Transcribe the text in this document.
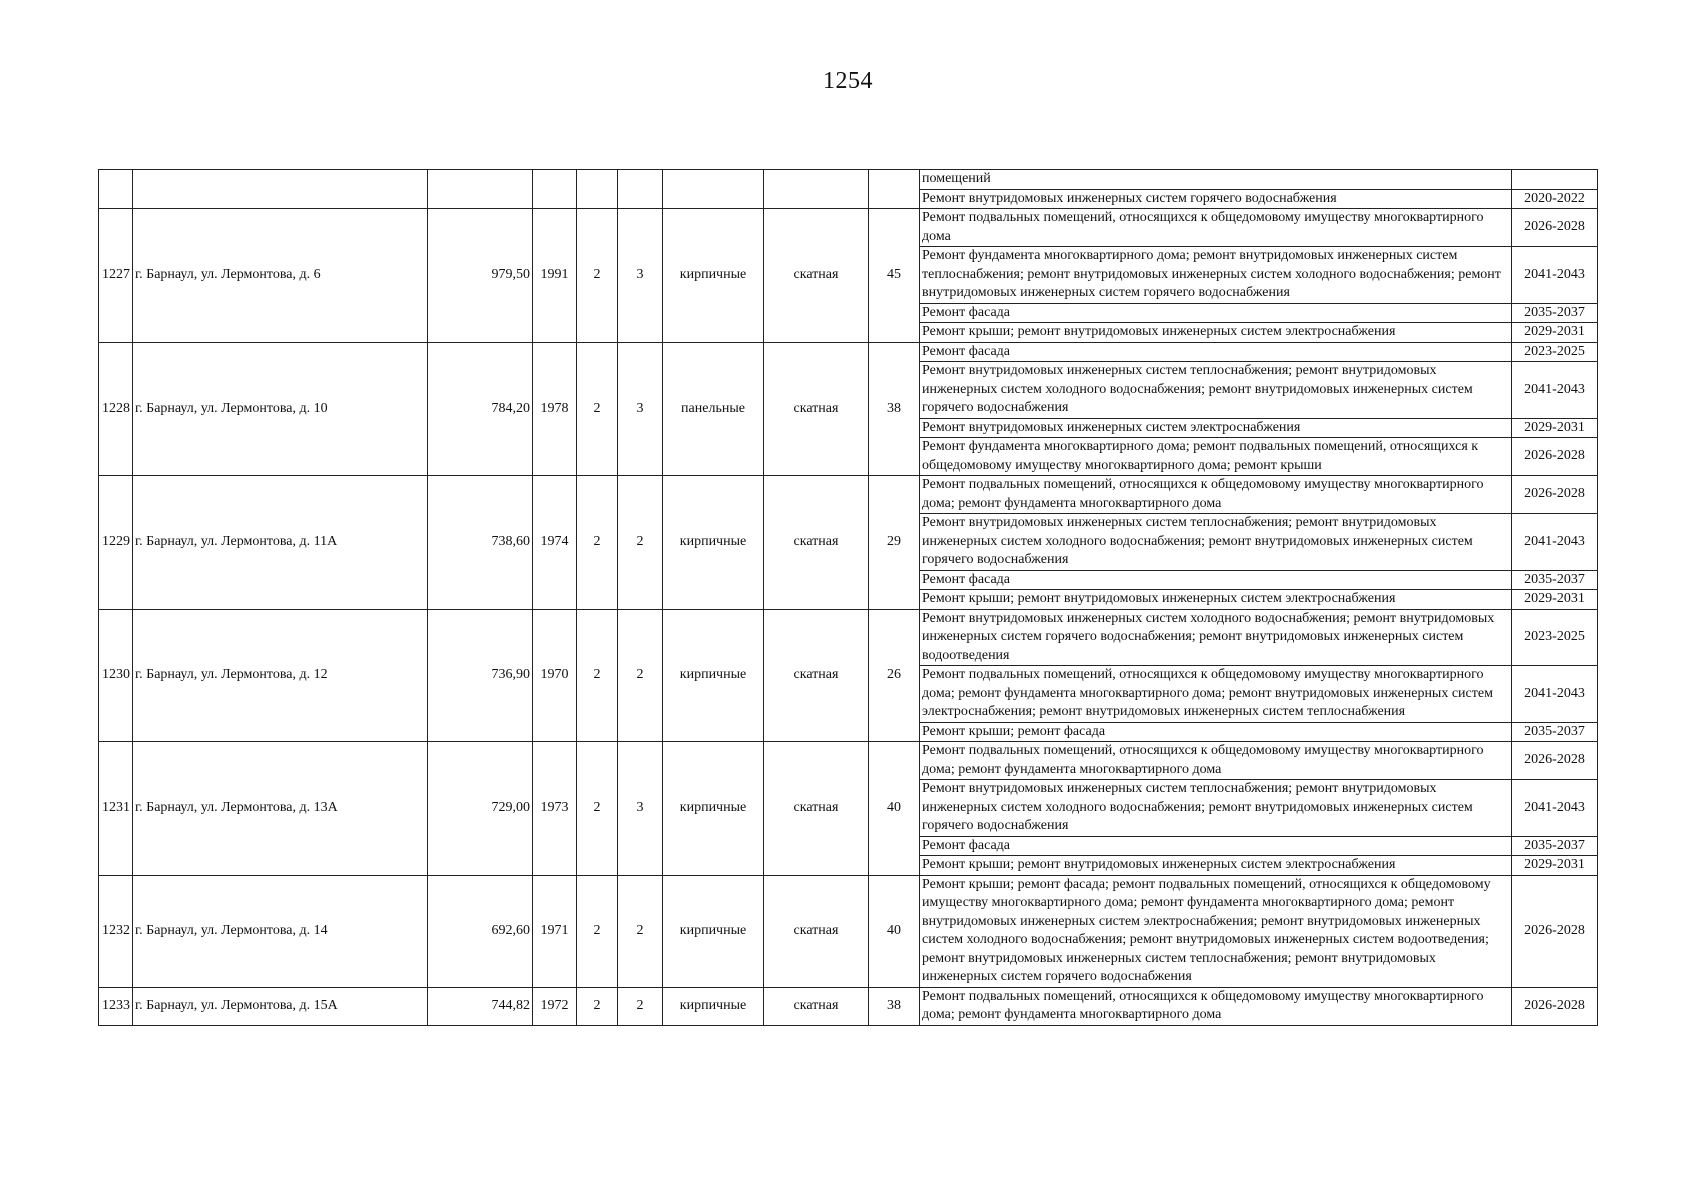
1254
									помещений	
									Ремонт внутридомовых инженерных систем горячего водоснабжения	2020-2022
1227	г. Барнаул, ул. Лермонтова, д. 6	979,50	1991	2	3	кирпичные	скатная	45	Ремонт подвальных помещений, относящихся к общедомовому имуществу многоквартирного дома	2026-2028
									Ремонт фундамента многоквартирного дома; ремонт внутридомовых инженерных систем теплоснабжения; ремонт внутридомовых инженерных систем холодного водоснабжения; ремонт внутридомовых инженерных систем горячего водоснабжения	2041-2043
									Ремонт фасада	2035-2037
									Ремонт крыши; ремонт внутридомовых инженерных систем электроснабжения	2029-2031
1228	г. Барнаул, ул. Лермонтова, д. 10	784,20	1978	2	3	панельные	скатная	38	Ремонт фасада	2023-2025
									Ремонт внутридомовых инженерных систем теплоснабжения; ремонт внутридомовых инженерных систем холодного водоснабжения; ремонт внутридомовых инженерных систем горячего водоснабжения	2041-2043
									Ремонт внутридомовых инженерных систем электроснабжения	2029-2031
									Ремонт фундамента многоквартирного дома; ремонт подвальных помещений, относящихся к общедомовому имуществу многоквартирного дома; ремонт крыши	2026-2028
1229	г. Барнаул, ул. Лермонтова, д. 11А	738,60	1974	2	2	кирпичные	скатная	29	Ремонт подвальных помещений, относящихся к общедомовому имуществу многоквартирного дома; ремонт фундамента многоквартирного дома	2026-2028
									Ремонт внутридомовых инженерных систем теплоснабжения; ремонт внутридомовых инженерных систем холодного водоснабжения; ремонт внутридомовых инженерных систем горячего водоснабжения	2041-2043
									Ремонт фасада	2035-2037
									Ремонт крыши; ремонт внутридомовых инженерных систем электроснабжения	2029-2031
1230	г. Барнаул, ул. Лермонтова, д. 12	736,90	1970	2	2	кирпичные	скатная	26	Ремонт внутридомовых инженерных систем холодного водоснабжения; ремонт внутридомовых инженерных систем горячего водоснабжения; ремонт внутридомовых инженерных систем водоотведения	2023-2025
									Ремонт подвальных помещений, относящихся к общедомовому имуществу многоквартирного дома; ремонт фундамента многоквартирного дома; ремонт внутридомовых инженерных систем электроснабжения; ремонт внутридомовых инженерных систем теплоснабжения	2041-2043
									Ремонт крыши; ремонт фасада	2035-2037
1231	г. Барнаул, ул. Лермонтова, д. 13А	729,00	1973	2	3	кирпичные	скатная	40	Ремонт подвальных помещений, относящихся к общедомовому имуществу многоквартирного дома; ремонт фундамента многоквартирного дома	2026-2028
									Ремонт внутридомовых инженерных систем теплоснабжения; ремонт внутридомовых инженерных систем холодного водоснабжения; ремонт внутридомовых инженерных систем горячего водоснабжения	2041-2043
									Ремонт фасада	2035-2037
									Ремонт крыши; ремонт внутридомовых инженерных систем электроснабжения	2029-2031
1232	г. Барнаул, ул. Лермонтова, д. 14	692,60	1971	2	2	кирпичные	скатная	40	Ремонт крыши; ремонт фасада; ремонт подвальных помещений, относящихся к общедомовому имуществу многоквартирного дома; ремонт фундамента многоквартирного дома; ремонт внутридомовых инженерных систем электроснабжения; ремонт внутридомовых инженерных систем холодного водоснабжения; ремонт внутридомовых инженерных систем водоотведения; ремонт внутридомовых инженерных систем теплоснабжения; ремонт внутридомовых инженерных систем горячего водоснабжения	2026-2028
1233	г. Барнаул, ул. Лермонтова, д. 15А	744,82	1972	2	2	кирпичные	скатная	38	Ремонт подвальных помещений, относящихся к общедомовому имуществу многоквартирного дома; ремонт фундамента многоквартирного дома	2026-2028
